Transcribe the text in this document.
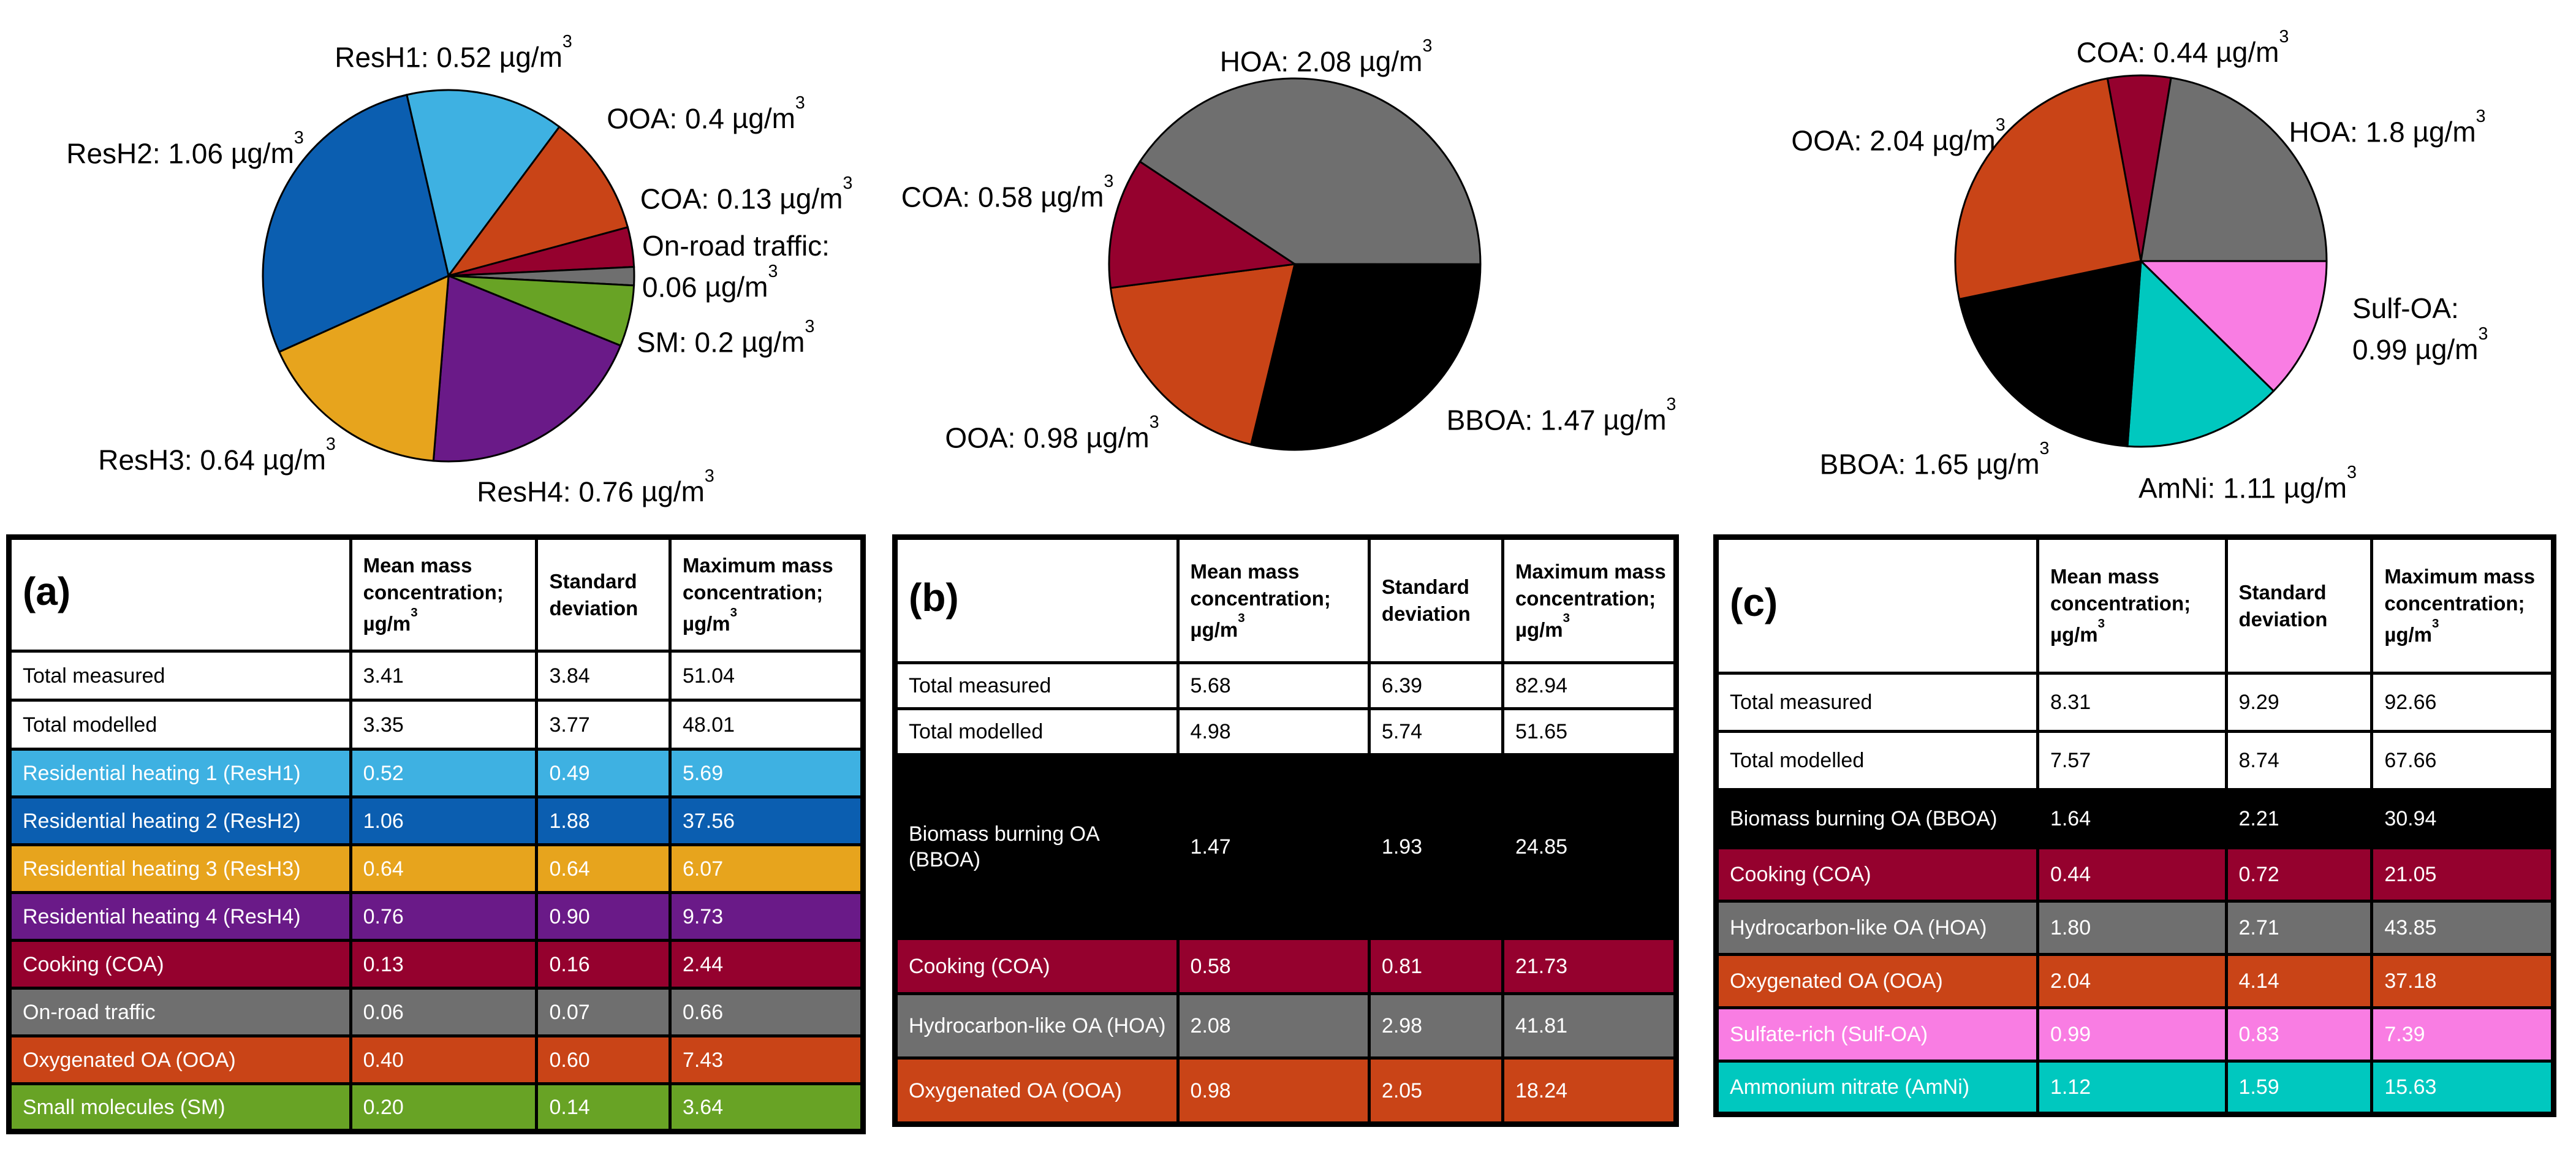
ResH1: 0.52 $\mu g/m^3$
OOA: 0.4 $\mu g/m^3$
COA: 0.13 $\mu g/m^3$
On-road traffic:
0.06 $\mu g/m^3$
SM: 0.2 $\mu g/m^3$
ResH4: 0.76 $\mu g/m^3$
ResH3: 0.64 $\mu g/m^3$
ResH2: 1.06 $\mu g/m^3$
HOA: 2.08 $\mu g/m^3$
BBOA: 1.47 $\mu g/m^3$
OOA: 0.98 $\mu g/m^3$
COA: 0.58 $\mu g/m^3$
COA: 0.44 $\mu g/m^3$
HOA: 1.8 $\mu g/m^3$
Sulf-OA:
0.99 $\mu g/m^3$
AmNi: 1.11 $\mu g/m^3$
BBOA: 1.65 $\mu g/m^3$
OOA: 2.04 $\mu g/m^3$
(a)	Mean mass concentration; $\mu g/m^3$	Standard deviation	Maximum mass concentration; $\mu g/m^3$
Total measured	3.41	3.84	51.04
Total modelled	3.35	3.77	48.01
Residential heating 1 (ResH1)	0.52	0.49	5.69
Residential heating 2 (ResH2)	1.06	1.88	37.56
Residential heating 3 (ResH3)	0.64	0.64	6.07
Residential heating 4 (ResH4)	0.76	0.90	9.73
Cooking (COA)	0.13	0.16	2.44
On-road traffic	0.06	0.07	0.66
Oxygenated OA (OOA)	0.40	0.60	7.43
Small molecules (SM)	0.20	0.14	3.64
(b)	Mean mass concentration; $\mu g/m^3$	Standard deviation	Maximum mass concentration; $\mu g/m^3$
Total measured	5.68	6.39	82.94
Total modelled	4.98	5.74	51.65
Biomass burning OA (BBOA)	1.47	1.93	24.85
Cooking (COA)	0.58	0.81	21.73
Hydrocarbon-like OA (HOA)	2.08	2.98	41.81
Oxygenated OA (OOA)	0.98	2.05	18.24
(c)	Mean mass concentration; $\mu g/m^3$	Standard deviation	Maximum mass concentration; $\mu g/m^3$
Total measured	8.31	9.29	92.66
Total modelled	7.57	8.74	67.66
Biomass burning OA (BBOA)	1.64	2.21	30.94
Cooking (COA)	0.44	0.72	21.05
Hydrocarbon-like OA (HOA)	1.80	2.71	43.85
Oxygenated OA (OOA)	2.04	4.14	37.18
Sulfate-rich (Sulf-OA)	0.99	0.83	7.39
Ammonium nitrate (AmNi)	1.12	1.59	15.63
